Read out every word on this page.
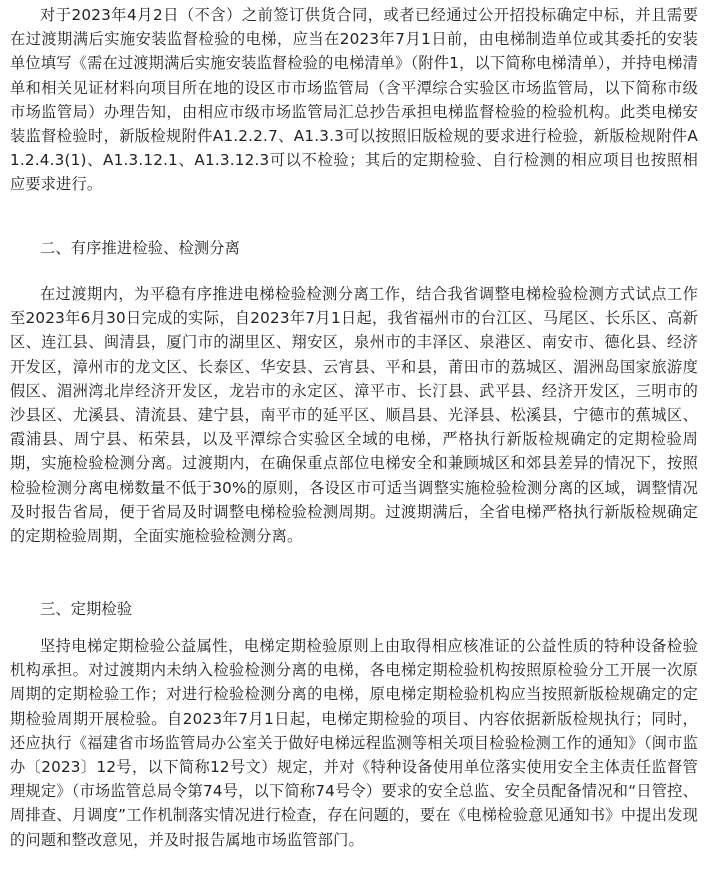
对于2023年4月2日（不含）之前签订供货合同，或者已经通过公开招投标确定中标，并且需要在过渡期满后实施安装监督检验的电梯，应当在2023年7月1日前，由电梯制造单位或其委托的安装单位填写《需在过渡期满后实施安装监督检验的电梯清单》（附件1，以下简称电梯清单），并持电梯清单和相关见证材料向项目所在地的设区市市场监管局（含平潭综合实验区市场监管局，以下简称市级市场监管局）办理告知，由相应市级市场监管局汇总抄告承担电梯监督检验的检验机构。此类电梯安装监督检验时，新版检规附件A1.2.2.7、A1.3.3可以按照旧版检规的要求进行检验，新版检规附件A1.2.4.3(1)、A1.3.12.1、A1.3.12.3可以不检验；其后的定期检验、自行检测的相应项目也按照相应要求进行。

二、有序推进检验、检测分离

在过渡期内，为平稳有序推进电梯检验检测分离工作，结合我省调整电梯检验检测方式试点工作至2023年6月30日完成的实际，自2023年7月1日起，我省福州市的台江区、马尾区、长乐区、高新区、连江县、闽清县，厦门市的湖里区、翔安区，泉州市的丰泽区、泉港区、南安市、德化县、经济开发区，漳州市的龙文区、长泰区、华安县、云宵县、平和县，莆田市的荔城区、湄洲岛国家旅游度假区、湄洲湾北岸经济开发区，龙岩市的永定区、漳平市、长汀县、武平县、经济开发区，三明市的沙县区、尤溪县、清流县、建宁县，南平市的延平区、顺昌县、光泽县、松溪县，宁德市的蕉城区、霞浦县、周宁县、柘荣县，以及平潭综合实验区全域的电梯，严格执行新版检规确定的定期检验周期，实施检验检测分离。过渡期内，在确保重点部位电梯安全和兼顾城区和郊县差异的情况下，按照检验检测分离电梯数量不低于30%的原则，各设区市可适当调整实施检验检测分离的区域，调整情况及时报告省局，便于省局及时调整电梯检验检测周期。过渡期满后，全省电梯严格执行新版检规确定的定期检验周期，全面实施检验检测分离。

三、定期检验

坚持电梯定期检验公益属性，电梯定期检验原则上由取得相应核准证的公益性质的特种设备检验机构承担。对过渡期内未纳入检验检测分离的电梯，各电梯定期检验机构按照原检验分工开展一次原周期的定期检验工作；对进行检验检测分离的电梯，原电梯定期检验机构应当按照新版检规确定的定期检验周期开展检验。自2023年7月1日起，电梯定期检验的项目、内容依据新版检规执行；同时，还应执行《福建省市场监管局办公室关于做好电梯远程监测等相关项目检验检测工作的通知》（闽市监办〔2023〕12号，以下简称12号文）规定，并对《特种设备使用单位落实使用安全主体责任监督管理规定》（市场监管总局令第74号，以下简称74号令）要求的安全总监、安全员配备情况和“日管控、周排查、月调度”工作机制落实情况进行检查，存在问题的，要在《电梯检验意见通知书》中提出发现的问题和整改意见，并及时报告属地市场监管部门。
